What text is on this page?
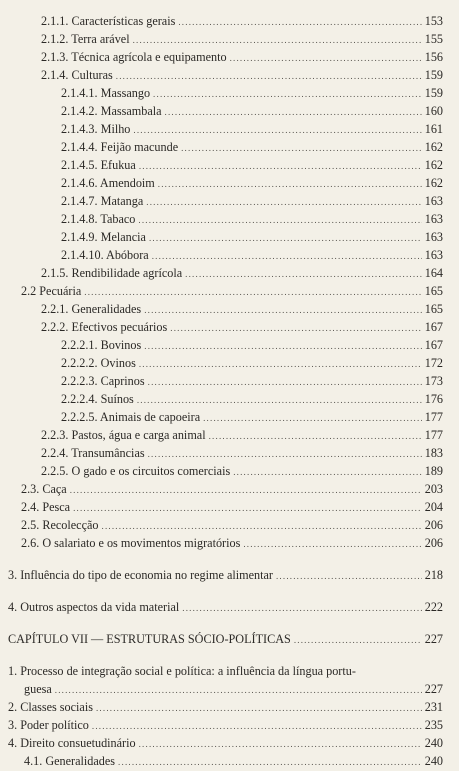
2.1.1. Características gerais .....	153
2.1.2. Terra arável .....	155
2.1.3. Técnica agrícola e equipamento .....	156
2.1.4. Culturas .....	159
2.1.4.1. Massango .....	159
2.1.4.2. Massambala .....	160
2.1.4.3. Milho .....	161
2.1.4.4. Feijão macunde .....	162
2.1.4.5. Efukua .....	162
2.1.4.6. Amendoim .....	162
2.1.4.7. Matanga .....	163
2.1.4.8. Tabaco .....	163
2.1.4.9. Melancia .....	163
2.1.4.10. Abóbora .....	163
2.1.5. Rendibilidade agrícola .....	164
2.2 Pecuária .....	165
2.2.1. Generalidades .....	165
2.2.2. Efectivos pecuários .....	167
2.2.2.1. Bovinos .....	167
2.2.2.2. Ovinos .....	172
2.2.2.3. Caprinos .....	173
2.2.2.4. Suínos .....	176
2.2.2.5. Animais de capoeira .....	177
2.2.3. Pastos, água e carga animal .....	177
2.2.4. Transumâncias .....	183
2.2.5. O gado e os circuitos comerciais .....	189
2.3. Caça .....	203
2.4. Pesca .....	204
2.5. Recolecção .....	206
2.6. O salariato e os movimentos migratórios .....	206
3. Influência do tipo de economia no regime alimentar .....	218
4. Outros aspectos da vida material .....	222
CAPÍTULO VII — ESTRUTURAS SÓCIO-POLÍTICAS .....	227
1. Processo de integração social e política: a influência da língua portu-
guesa .....	227
2. Classes sociais .....	231
3. Poder político .....	235
4. Direito consuetudinário .....	240
4.1. Generalidades .....	240
